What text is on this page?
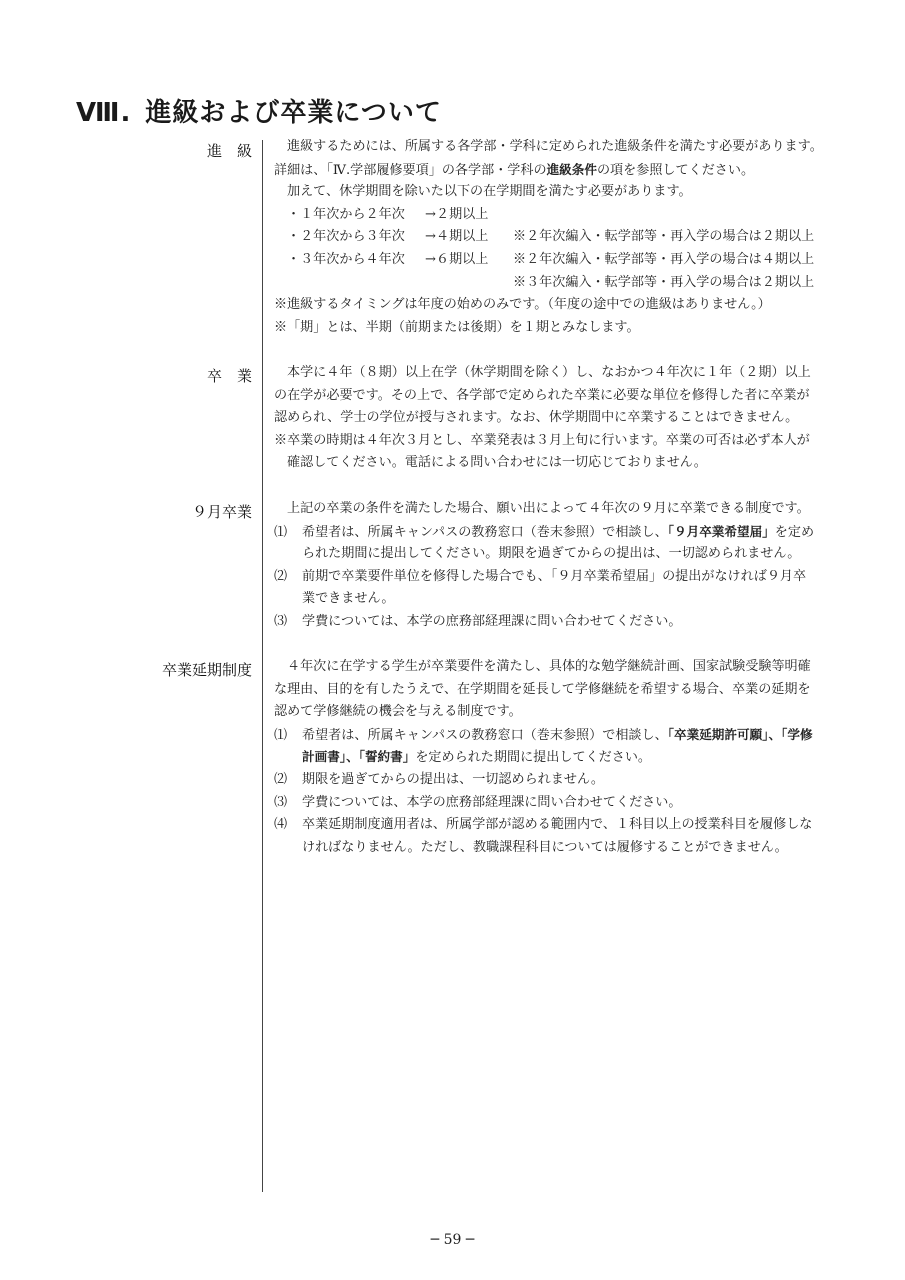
Ⅷ. 進級および卒業について
進　級	進級するためには、所属する各学部・学科に定められた進級条件を満たす必要があります。
詳細は、「Ⅳ.学部履修要項」の各学部・学科の進級条件の項を参照してください。
加えて、休学期間を除いた以下の在学期間を満たす必要があります。
・１年次から２年次 →２期以上
・２年次から３年次 →４期以上 ※２年次編入・転学部等・再入学の場合は２期以上
・３年次から４年次 →６期以上 ※２年次編入・転学部等・再入学の場合は４期以上
※３年次編入・転学部等・再入学の場合は２期以上
※進級するタイミングは年度の始めのみです。（年度の途中での進級はありません。）
※「期」とは、半期（前期または後期）を１期とみなします。
卒　業	本学に４年（８期）以上在学（休学期間を除く）し、なおかつ４年次に１年（２期）以上
の在学が必要です。その上で、各学部で定められた卒業に必要な単位を修得した者に卒業が
認められ、学士の学位が授与されます。なお、休学期間中に卒業することはできません。
※卒業の時期は４年次３月とし、卒業発表は３月上旬に行います。卒業の可否は必ず本人が
確認してください。電話による問い合わせには一切応じておりません。
９月卒業	上記の卒業の条件を満たした場合、願い出によって４年次の９月に卒業できる制度です。
⑴ 希望者は、所属キャンパスの教務窓口（巻末参照）で相談し、「９月卒業希望届」を定め
られた期間に提出してください。期限を過ぎてからの提出は、一切認められません。
⑵ 前期で卒業要件単位を修得した場合でも、「９月卒業希望届」の提出がなければ９月卒
業できません。
⑶ 学費については、本学の庶務部経理課に問い合わせてください。
卒業延期制度	４年次に在学する学生が卒業要件を満たし、具体的な勉学継続計画、国家試験受験等明確
な理由、目的を有したうえで、在学期間を延長して学修継続を希望する場合、卒業の延期を
認めて学修継続の機会を与える制度です。
⑴ 希望者は、所属キャンパスの教務窓口（巻末参照）で相談し、「卒業延期許可願」、「学修
計画書」、「誓約書」を定められた期間に提出してください。
⑵ 期限を過ぎてからの提出は、一切認められません。
⑶ 学費については、本学の庶務部経理課に問い合わせてください。
⑷ 卒業延期制度適用者は、所属学部が認める範囲内で、１科目以上の授業科目を履修しな
ければなりません。ただし、教職課程科目については履修することができません。
─ 59 ─
